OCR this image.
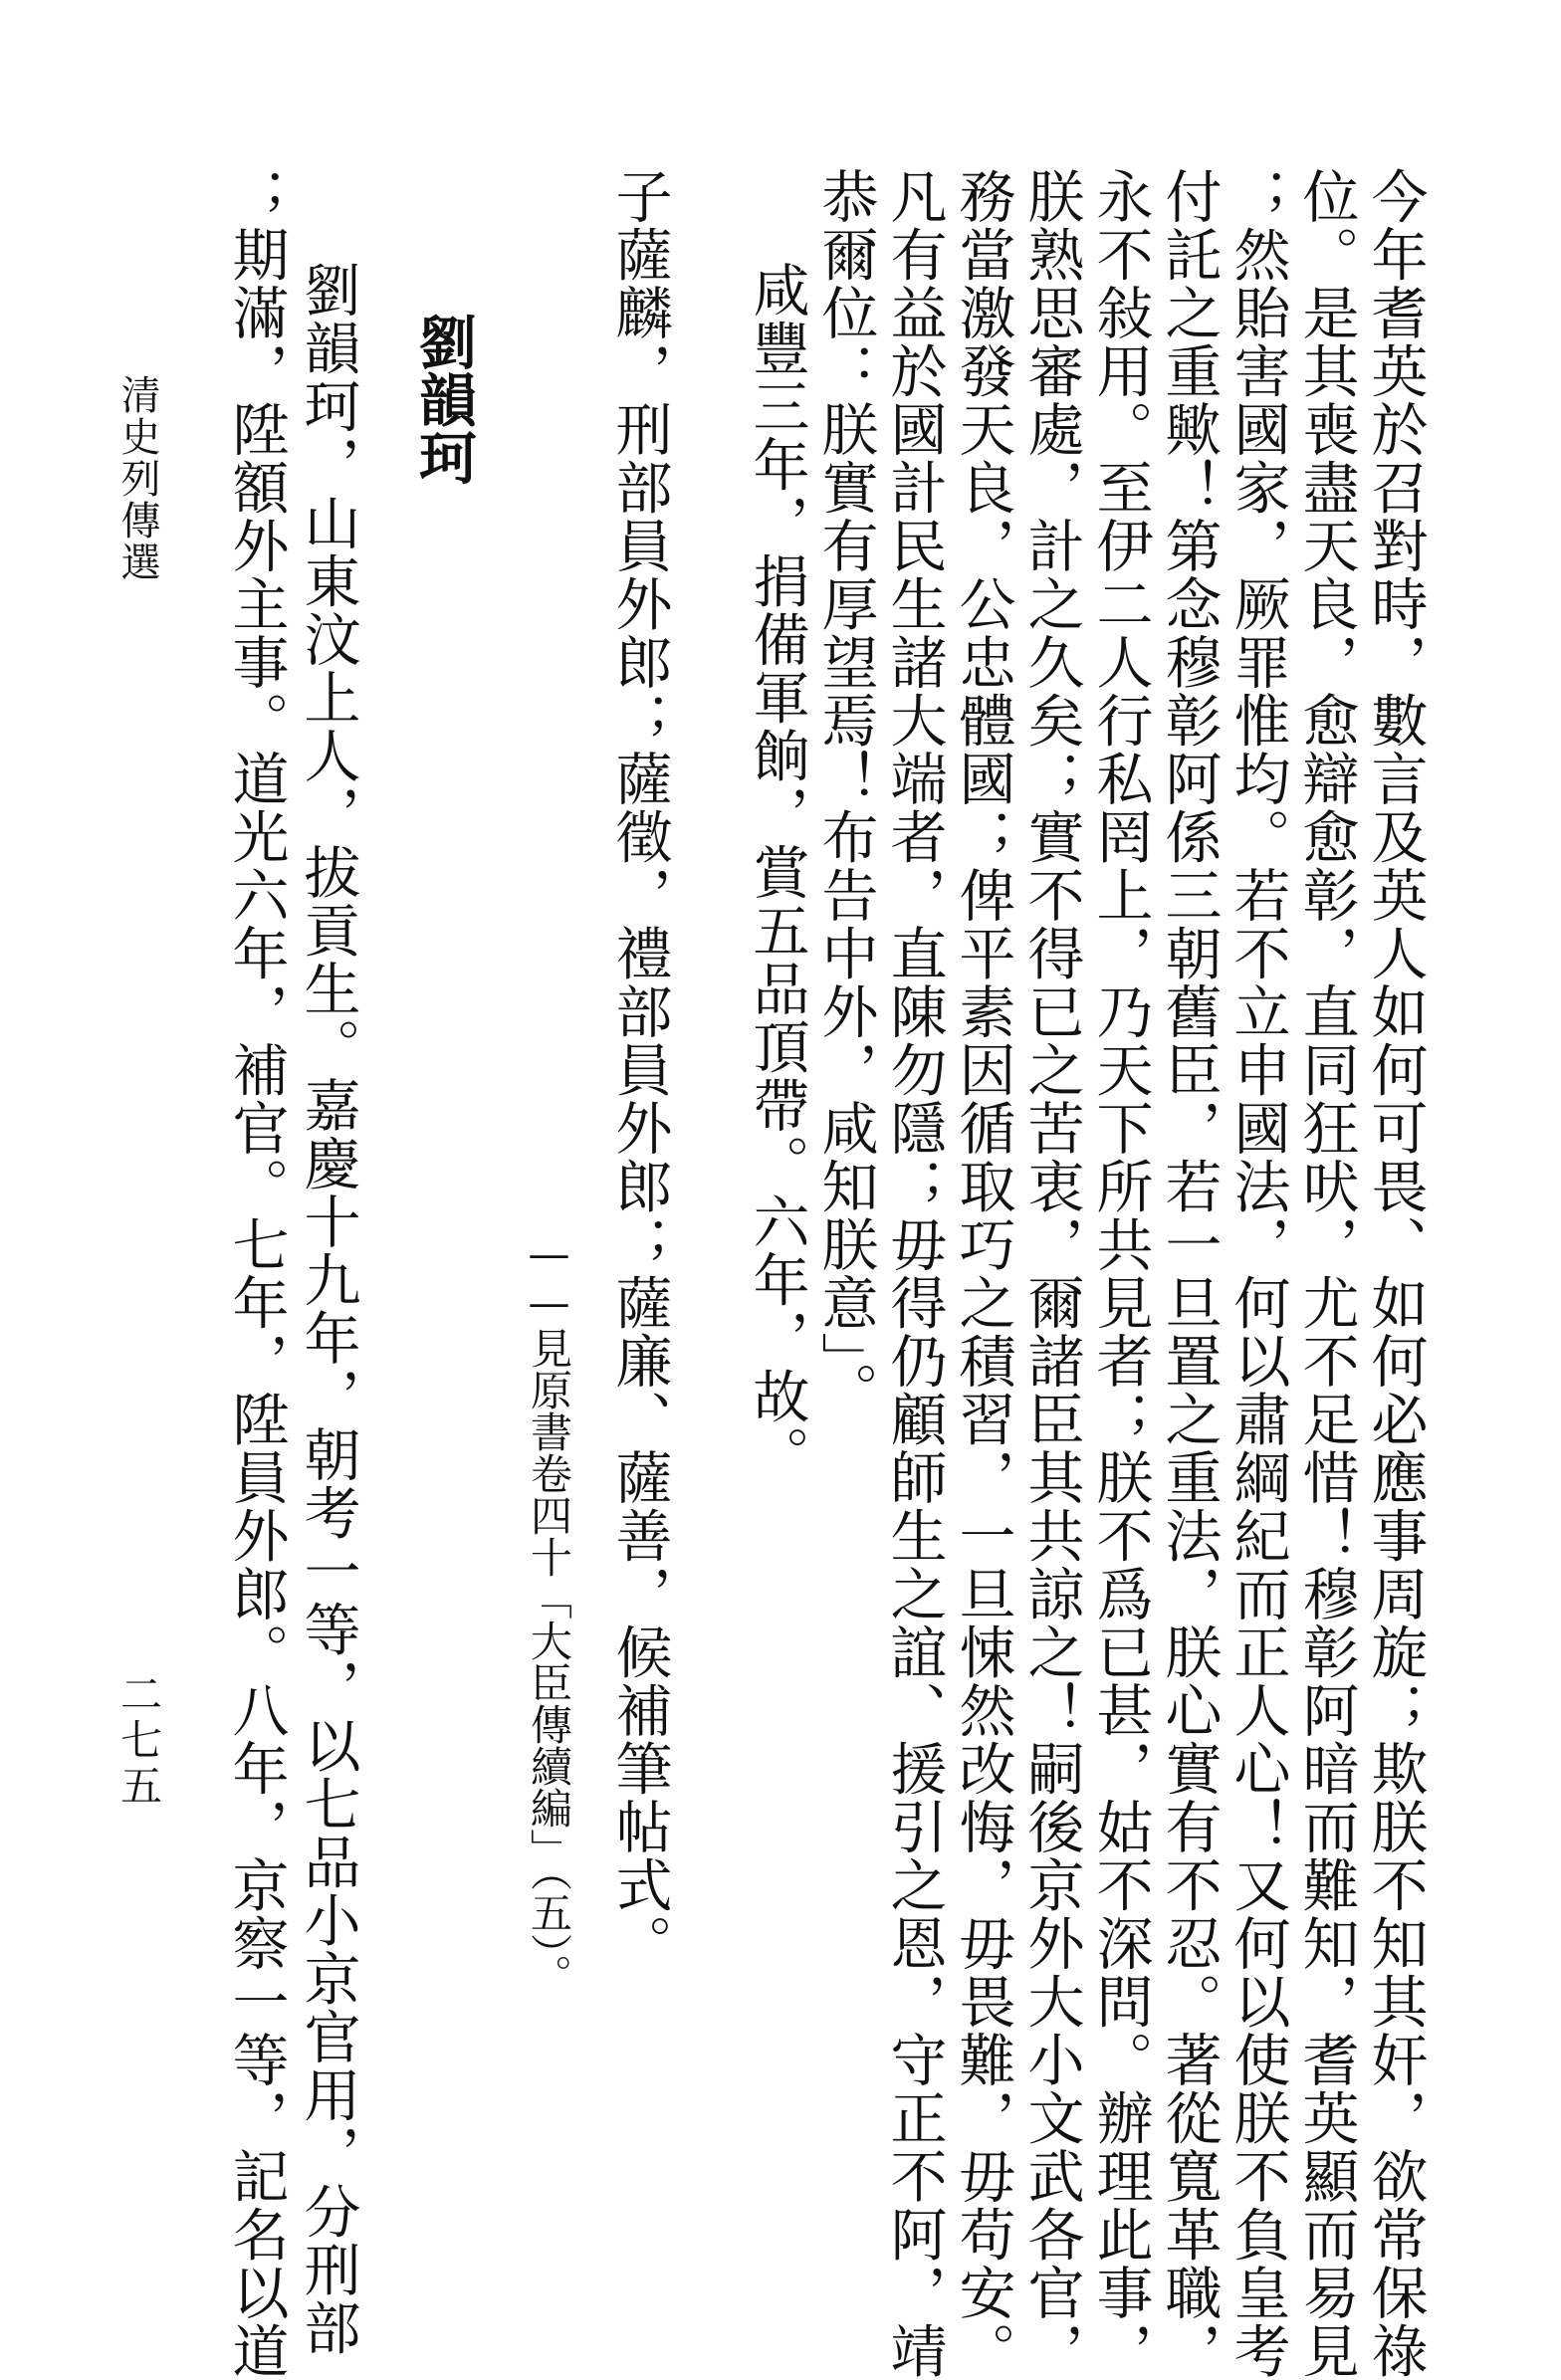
今年耆英於召對時，數言及英人如何可畏、如何必應事周旋；欺朕不知其奸，欲常保祿
位。是其喪盡天良，愈辯愈彰，直同狂吠，尤不足惜！穆彰阿暗而難知，耆英顯而易見
；然貽害國家，厥罪惟均。若不立申國法，何以肅綱紀而正人心！又何以使朕不負皇考
付託之重歟！第念穆彰阿係三朝舊臣，若一旦置之重法，朕心實有不忍。著從寬革職，
永不敍用。至伊二人行私罔上，乃天下所共見者；朕不爲已甚，姑不深問。辦理此事，
朕熟思審處，計之久矣；實不得已之苦衷，爾諸臣其共諒之！嗣後京外大小文武各官，
務當激發天良，公忠體國；俾平素因循取巧之積習，一旦悚然改悔，毋畏難，毋苟安。
凡有益於國計民生諸大端者，直陳勿隱；毋得仍顧師生之誼、援引之恩，守正不阿，靖
恭爾位：朕實有厚望焉！布告中外，咸知朕意」。
咸豐三年，捐備軍餉，賞五品頂帶。六年，故。
子薩麟，刑部員外郎；薩徵，禮部員外郎；薩廉、薩善，候補筆帖式。
——見原書卷四十「大臣傳續編」（五）。
劉韻珂
劉韻珂，山東汶上人，拔貢生。嘉慶十九年，朝考一等，以七品小京官用，分刑部
；期滿，陞額外主事。道光六年，補官。七年，陞員外郎。八年，京察一等，記名以道
清史列傳選
二七五
